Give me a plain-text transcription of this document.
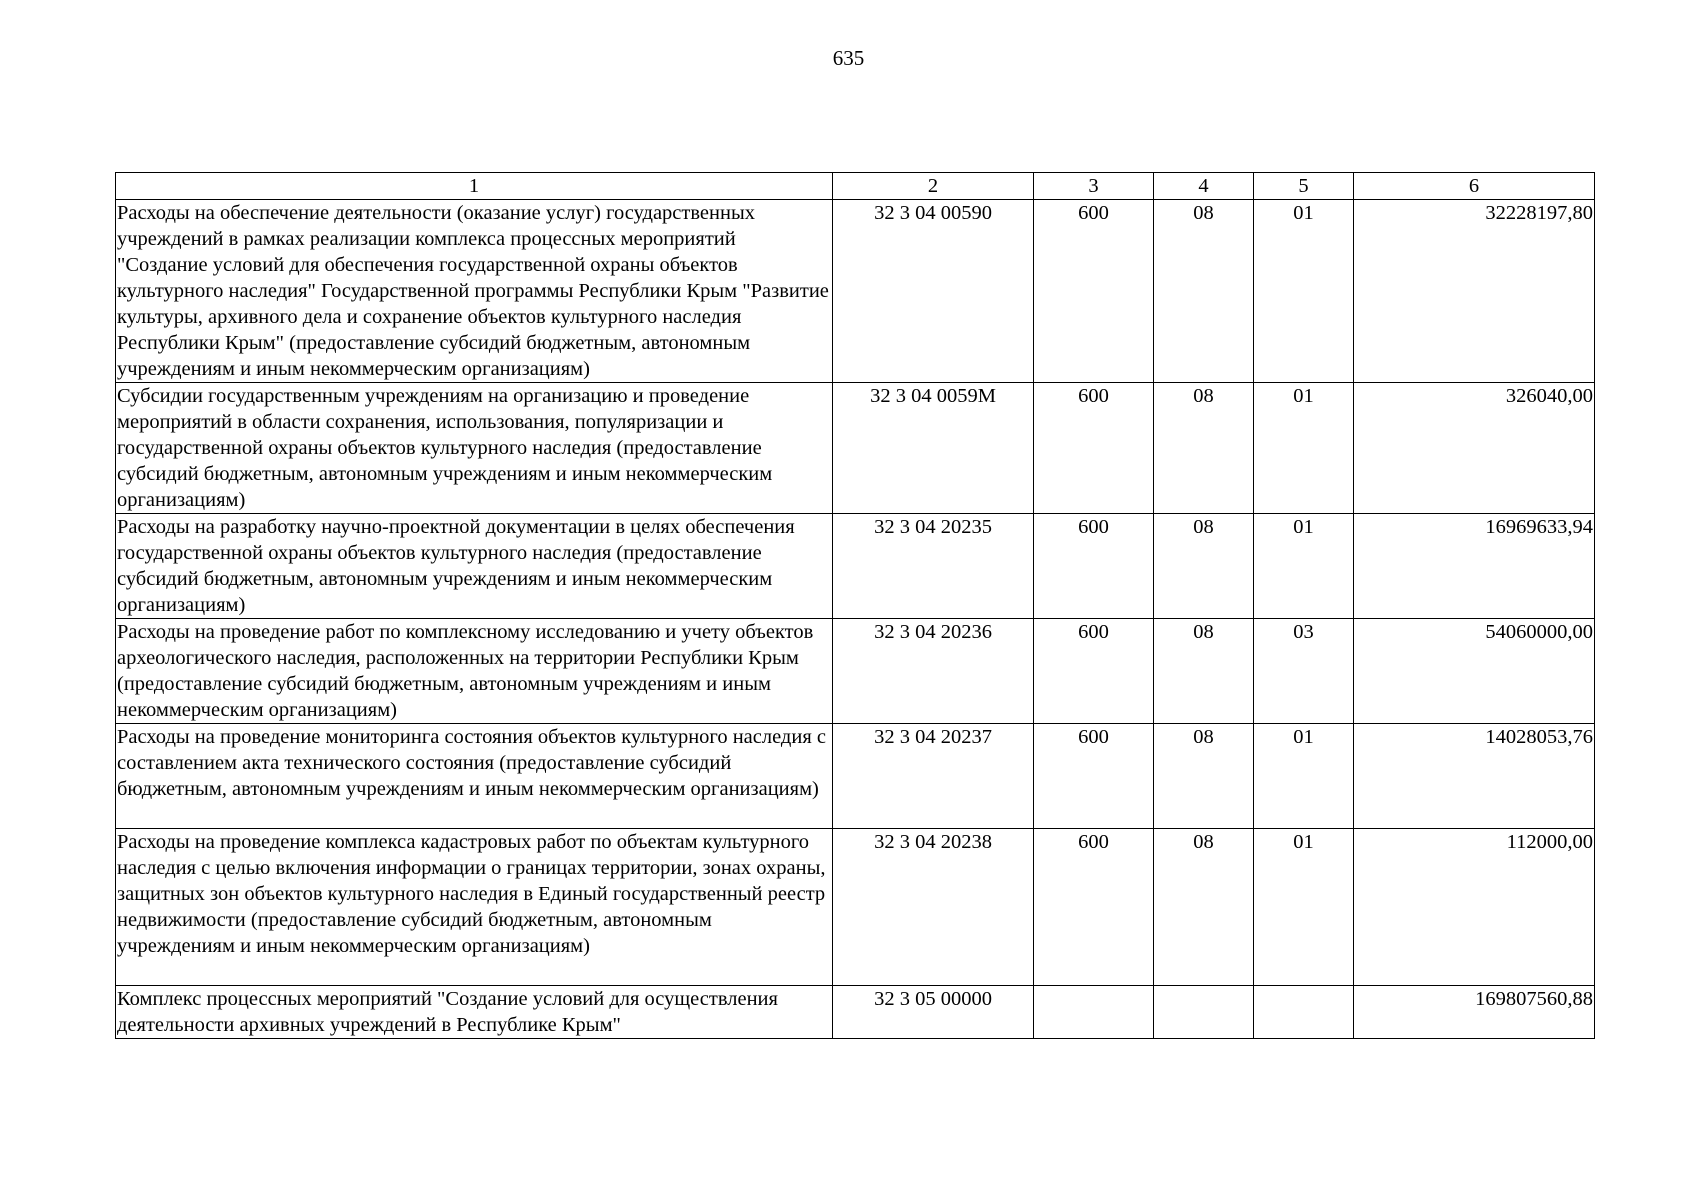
635
1	2	3	4	5	6
Расходы на обеспечение деятельности (оказание услуг) государственных учреждений в рамках реализации комплекса процессных мероприятий "Создание условий для обеспечения государственной охраны объектов культурного наследия" Государственной программы Республики Крым "Развитие культуры, архивного дела и сохранение объектов культурного наследия Республики Крым" (предоставление субсидий бюджетным, автономным учреждениям и иным некоммерческим организациям)	32 3 04 00590	600	08	01	32228197,80
Субсидии государственным учреждениям на организацию и проведение мероприятий в области сохранения, использования, популяризации и государственной охраны объектов культурного наследия (предоставление субсидий бюджетным, автономным учреждениям и иным некоммерческим организациям)	32 3 04 0059М	600	08	01	326040,00
Расходы на разработку научно-проектной документации в целях обеспечения государственной охраны объектов культурного наследия (предоставление субсидий бюджетным, автономным учреждениям и иным некоммерческим организациям)	32 3 04 20235	600	08	01	16969633,94
Расходы на проведение работ по комплексному исследованию и учету объектов археологического наследия, расположенных на территории Республики Крым (предоставление субсидий бюджетным, автономным учреждениям и иным некоммерческим организациям)	32 3 04 20236	600	08	03	54060000,00
Расходы на проведение мониторинга состояния объектов культурного наследия с составлением акта технического состояния (предоставление субсидий бюджетным, автономным учреждениям и иным некоммерческим организациям)	32 3 04 20237	600	08	01	14028053,76
Расходы на проведение комплекса кадастровых работ по объектам культурного наследия с целью включения информации о границах территории, зонах охраны, защитных зон объектов культурного наследия в Единый государственный реестр недвижимости (предоставление субсидий бюджетным, автономным учреждениям и иным некоммерческим организациям)	32 3 04 20238	600	08	01	112000,00
Комплекс процессных мероприятий "Создание условий для осуществления деятельности архивных учреждений в Республике Крым"	32 3 05 00000				169807560,88
